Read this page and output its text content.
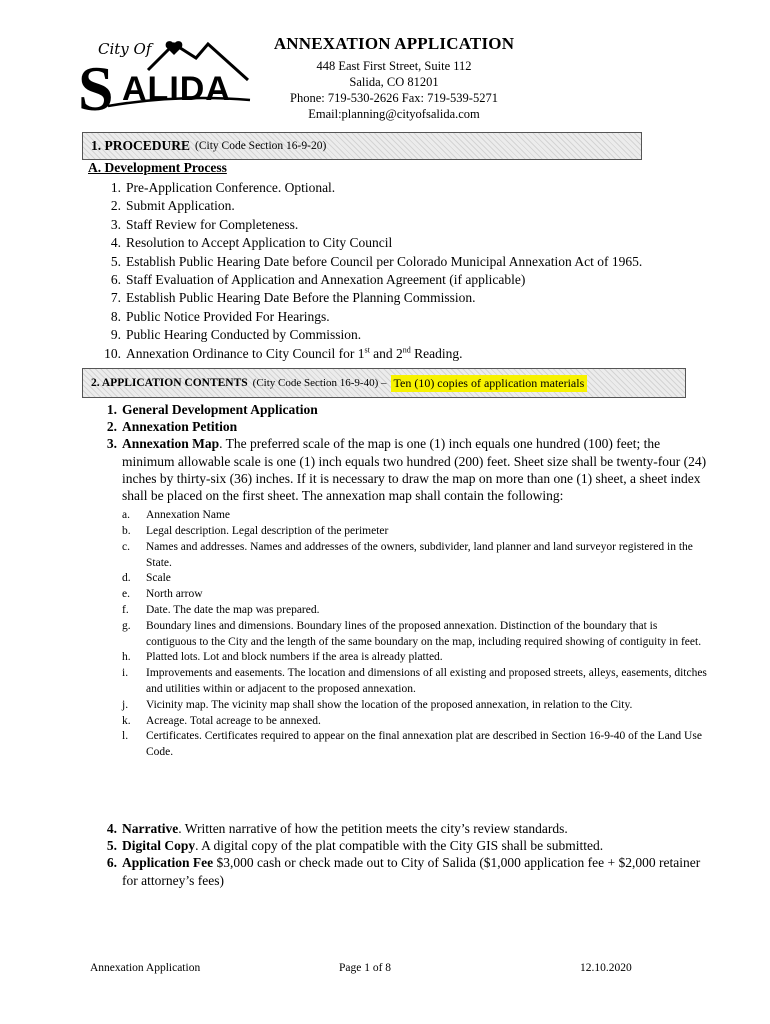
City Of
S ALIDA
ANNEXATION APPLICATION
448 East First Street, Suite 112
Salida, CO 81201
Phone: 719-530-2626 Fax: 719-539-5271
Email:planning@cityofsalida.com
1. PROCEDURE (City Code Section 16-9-20)
A. Development Process
1. Pre-Application Conference. Optional.
2. Submit Application.
3. Staff Review for Completeness.
4. Resolution to Accept Application to City Council
5. Establish Public Hearing Date before Council per Colorado Municipal Annexation Act of 1965.
6. Staff Evaluation of Application and Annexation Agreement (if applicable)
7. Establish Public Hearing Date Before the Planning Commission.
8. Public Notice Provided For Hearings.
9. Public Hearing Conducted by Commission.
10. Annexation Ordinance to City Council for 1st and 2nd Reading.
2. APPLICATION CONTENTS (City Code Section 16-9-40) – Ten (10) copies of application materials
1. General Development Application
2. Annexation Petition
3. Annexation Map. The preferred scale of the map is one (1) inch equals one hundred (100) feet; the minimum allowable scale is one (1) inch equals two hundred (200) feet. Sheet size shall be twenty-four (24) inches by thirty-six (36) inches. If it is necessary to draw the map on more than one (1) sheet, a sheet index shall be placed on the first sheet. The annexation map shall contain the following:
a.	Annexation Name
b.	Legal description. Legal description of the perimeter
c.	Names and addresses. Names and addresses of the owners, subdivider, land planner and land surveyor registered in the State.
d.	Scale
e.	North arrow
f.	Date. The date the map was prepared.
g.	Boundary lines and dimensions. Boundary lines of the proposed annexation. Distinction of the boundary that is contiguous to the City and the length of the same boundary on the map, including required showing of contiguity in feet.
h.	Platted lots. Lot and block numbers if the area is already platted.
i.	Improvements and easements. The location and dimensions of all existing and proposed streets, alleys, easements, ditches and utilities within or adjacent to the proposed annexation.
j.	Vicinity map. The vicinity map shall show the location of the proposed annexation, in relation to the City.
k.	Acreage. Total acreage to be annexed.
l.	Certificates. Certificates required to appear on the final annexation plat are described in Section 16-9-40 of the Land Use Code.
4. Narrative. Written narrative of how the petition meets the city’s review standards.
5. Digital Copy. A digital copy of the plat compatible with the City GIS shall be submitted.
6. Application Fee $3,000 cash or check made out to City of Salida ($1,000 application fee + $2,000 retainer for attorney’s fees)
Annexation Application	Page 1 of 8	12.10.2020
